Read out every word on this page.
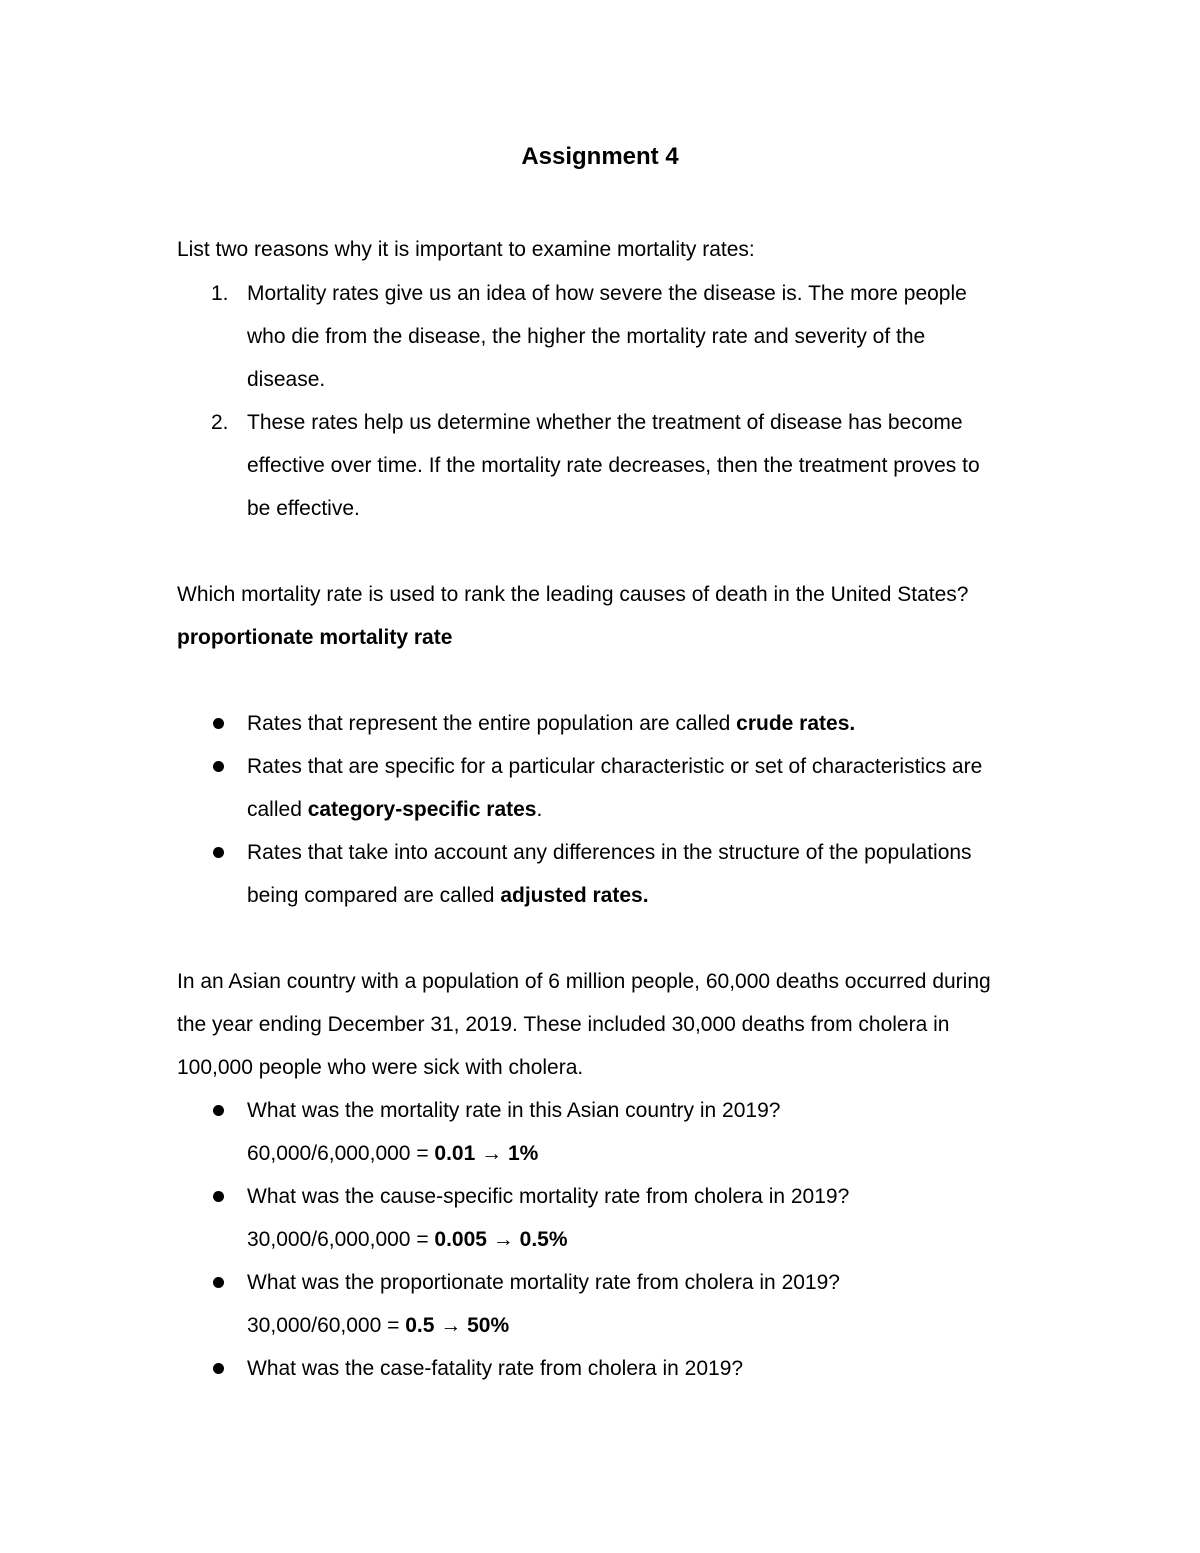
Assignment 4
List two reasons why it is important to examine mortality rates:
1. Mortality rates give us an idea of how severe the disease is. The more people
who die from the disease, the higher the mortality rate and severity of the
disease.
2. These rates help us determine whether the treatment of disease has become
effective over time. If the mortality rate decreases, then the treatment proves to
be effective.
Which mortality rate is used to rank the leading causes of death in the United States?
proportionate mortality rate
Rates that represent the entire population are called crude rates.
Rates that are specific for a particular characteristic or set of characteristics are
called category-specific rates.
Rates that take into account any differences in the structure of the populations
being compared are called adjusted rates.
In an Asian country with a population of 6 million people, 60,000 deaths occurred during
the year ending December 31, 2019. These included 30,000 deaths from cholera in
100,000 people who were sick with cholera.
What was the mortality rate in this Asian country in 2019?
60,000/6,000,000 = 0.01 → 1%
What was the cause-specific mortality rate from cholera in 2019?
30,000/6,000,000 = 0.005 → 0.5%
What was the proportionate mortality rate from cholera in 2019?
30,000/60,000 = 0.5 → 50%
What was the case-fatality rate from cholera in 2019?
